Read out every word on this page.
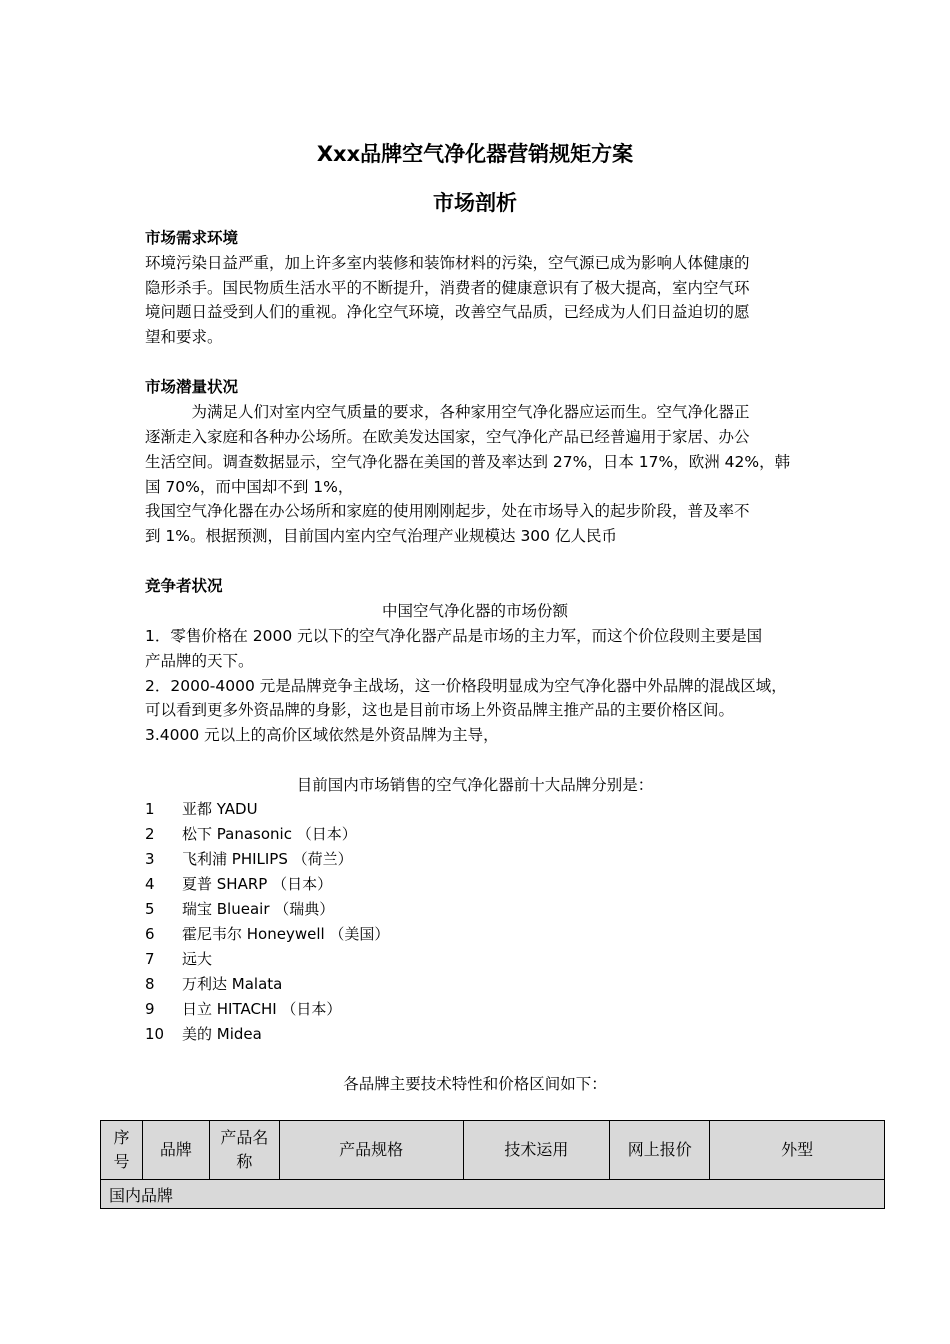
Xxx品牌空气净化器营销规矩方案
市场剖析
市场需求环境
环境污染日益严重，加上许多室内装修和装饰材料的污染，空气源已成为影响人体健康的
隐形杀手。国民物质生活水平的不断提升，消费者的健康意识有了极大提高，室内空气环
境问题日益受到人们的重视。净化空气环境，改善空气品质，已经成为人们日益迫切的愿
望和要求。
市场潜量状况
　　　为满足人们对室内空气质量的要求，各种家用空气净化器应运而生。空气净化器正
逐渐走入家庭和各种办公场所。在欧美发达国家，空气净化产品已经普遍用于家居、办公
生活空间。调查数据显示，空气净化器在美国的普及率达到 27%，日本 17%，欧洲 42%，韩
国 70%，而中国却不到 1%，
我国空气净化器在办公场所和家庭的使用刚刚起步，处在市场导入的起步阶段，普及率不
到 1%。根据预测，目前国内室内空气治理产业规模达 300 亿人民币
竞争者状况
中国空气净化器的市场份额
1．零售价格在 2000 元以下的空气净化器产品是市场的主力军，而这个价位段则主要是国
产品牌的天下。
2．2000-4000 元是品牌竞争主战场，这一价格段明显成为空气净化器中外品牌的混战区域，
可以看到更多外资品牌的身影，这也是目前市场上外资品牌主推产品的主要价格区间。
3.4000 元以上的高价区域依然是外资品牌为主导，
目前国内市场销售的空气净化器前十大品牌分别是：
1 亚都 YADU
2 松下 Panasonic （日本）
3 飞利浦 PHILIPS （荷兰）
4 夏普 SHARP （日本）
5 瑞宝 Blueair （瑞典）
6 霍尼韦尔 Honeywell （美国）
7 远大
8 万利达 Malata
9 日立 HITACHI （日本）
10 美的 Midea
各品牌主要技术特性和价格区间如下：
序号	品牌	产品名称	产品规格	技术运用	网上报价	外型
国内品牌
